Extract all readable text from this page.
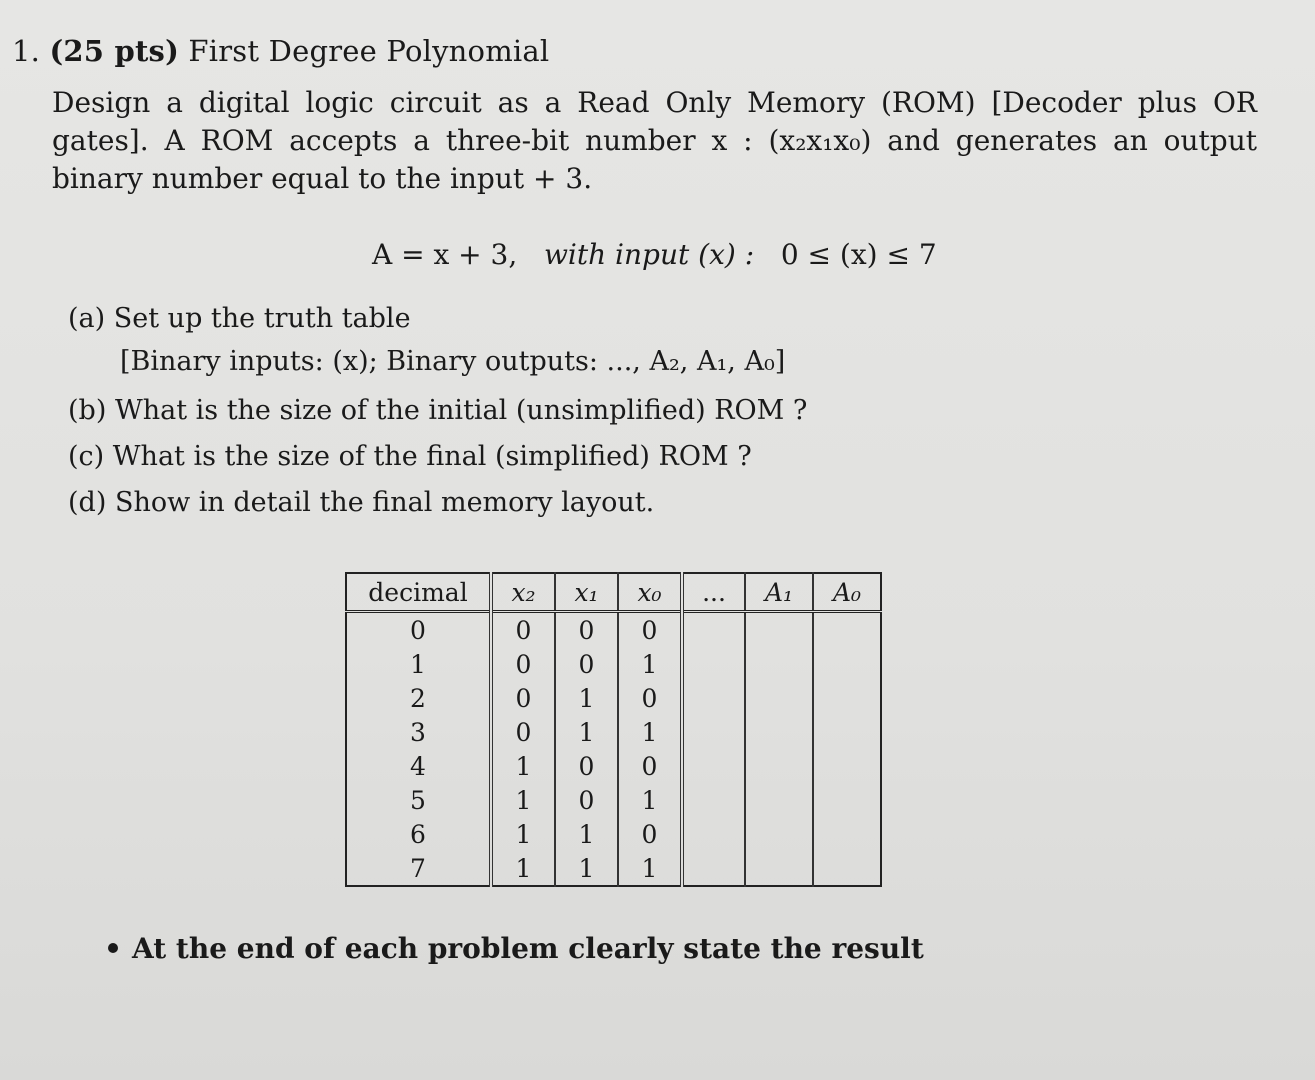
1. (25 pts) First Degree Polynomial
Design a digital logic circuit as a Read Only Memory (ROM) [Decoder plus OR gates]. A ROM accepts a three-bit number x : (x₂x₁x₀) and generates an output binary number equal to the input + 3.
A = x + 3, with input (x) : 0 ≤ (x) ≤ 7
(a) Set up the truth table
[Binary inputs: (x); Binary outputs: ..., A₂, A₁, A₀]
(b) What is the size of the initial (unsimplified) ROM ?
(c) What is the size of the final (simplified) ROM ?
(d) Show in detail the final memory layout.
decimal	x₂	x₁	x₀	...	A₁	A₀
0	0	0	0			
1	0	0	1			
2	0	1	0			
3	0	1	1			
4	1	0	0			
5	1	0	1			
6	1	1	0			
7	1	1	1			
At the end of each problem clearly state the result
